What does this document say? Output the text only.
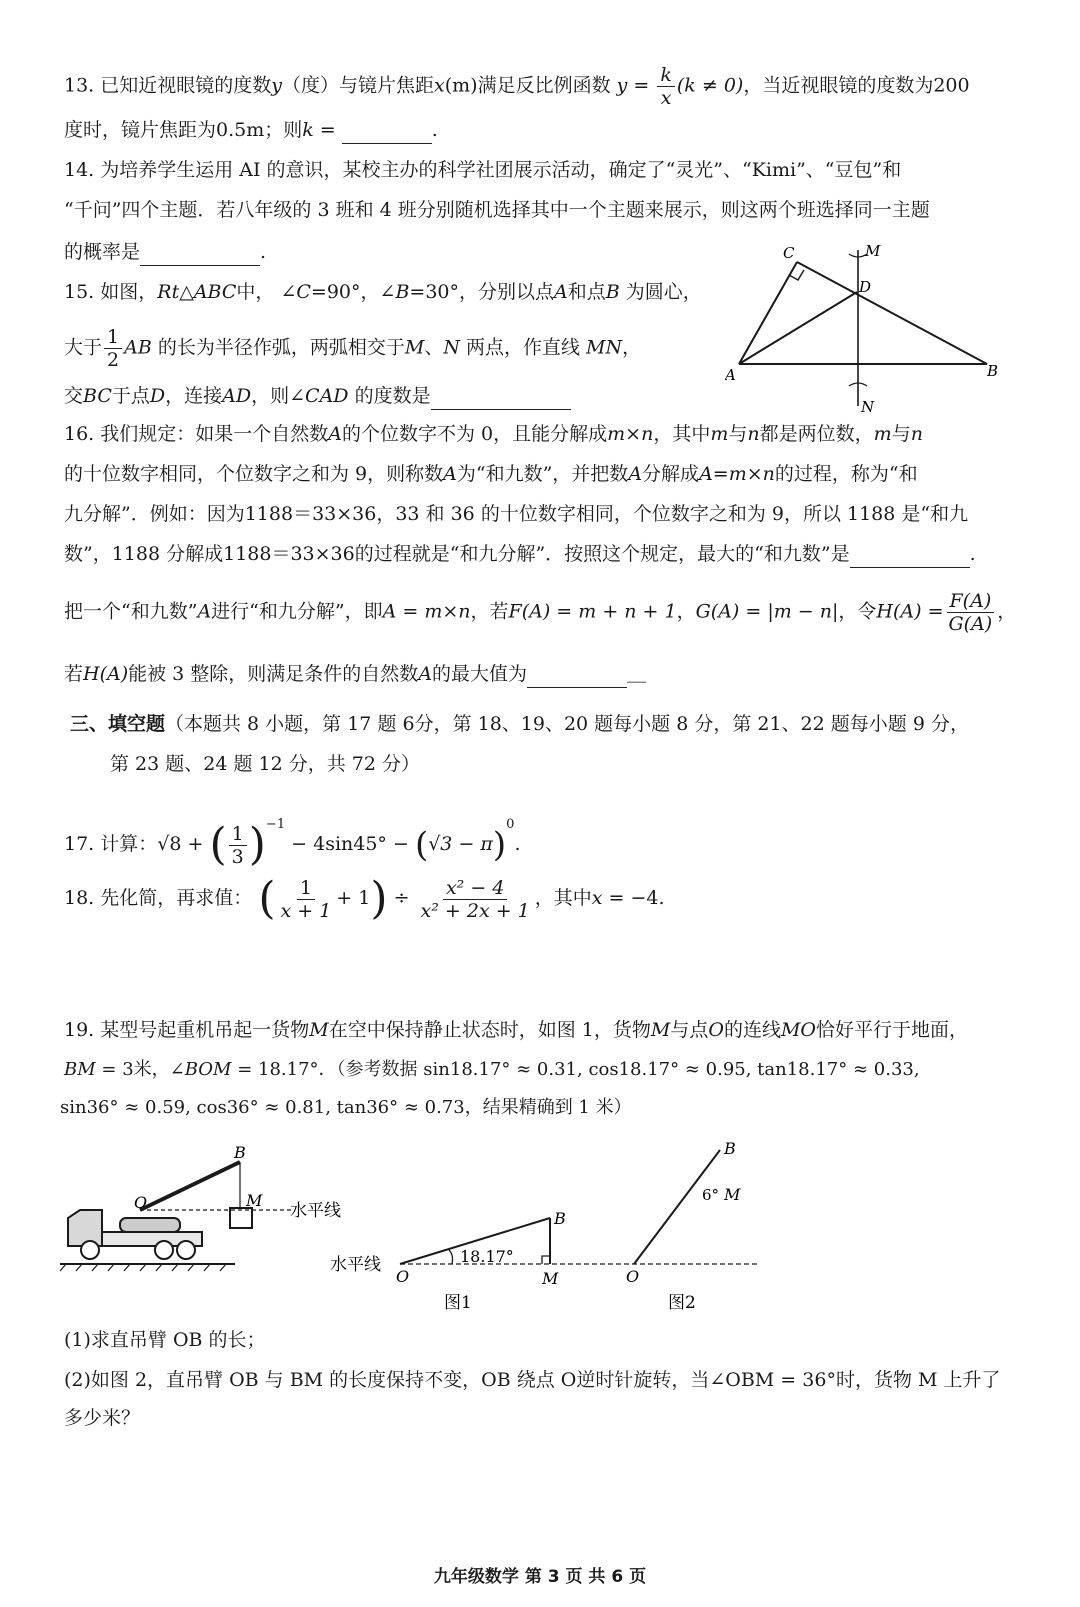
13. 已知近视眼镜的度数y（度）与镜片焦距x(m)满足反比例函数 $y = \frac{k}{x} (k \ne 0)$，当近视眼镜的度数为200
度时，镜片焦距为0.5m；则k =	.
14. 为培养学生运用 AI 的意识，某校主办的科学社团展示活动，确定了“灵光”、“Kimi”、“豆包”和
“千问”四个主题．若八年级的 3 班和 4 班分别随机选择其中一个主题来展示，则这两个班选择同一主题
的概率是	.
15. 如图，Rt△ABC中， ∠C=90°，∠B=30°，分别以点A和点B 为圆心，
大于 $\frac{1}{2}$ AB 的长为半径作弧，两弧相交于M、N 两点，作直线 MN，
交BC于点D，连接AD，则∠CAD 的度数是
C	M
D
A	B
N
16. 我们规定：如果一个自然数A的个位数字不为 0，且能分解成m×n，其中m与n都是两位数，m与n
的十位数字相同，个位数字之和为 9，则称数A为“和九数”，并把数A分解成A=m×n的过程，称为“和
九分解”．例如：因为1188＝33×36，33 和 36 的十位数字相同，个位数字之和为 9，所以 1188 是“和九
数”，1188 分解成1188＝33×36的过程就是“和九分解”．按照这个规定，最大的“和九数”是	.
把一个“和九数”A进行“和九分解”，即A = m×n，若F(A) = m + n + 1，G(A) = |m − n|，令$H(A) = \frac{F(A)}{G(A)}$ ，
若H(A)能被 3 整除，则满足条件的自然数A的最大值为	＿
三、填空题（本题共 8 小题，第 17 题 6分，第 18、19、20 题每小题 8 分，第 21、22 题每小题 9 分，
第 23 题、24 题 12 分，共 72 分）
17. 计算：√8 + ( $\frac{1}{3} )^{-1} - 4\sin 45^\circ - (√3 - \pi)^0$.
18. 先化简，再求值： ( $\frac{1}{x + 1} + 1) \div \frac{\text{x² − 4}}{\text{x² + 2x + 1}}$ ，其中x = −4.
19. 某型号起重机吊起一货物M在空中保持静止状态时，如图 1，货物M与点O的连线MO恰好平行于地面，
BM = 3米，∠BOM = 18.17°．（参考数据 sin18.17° ≈ 0.31, cos18.17° ≈ 0.95, tan18.17° ≈ 0.33,
sin36° ≈ 0.59, cos36° ≈ 0.81, tan36° ≈ 0.73，结果精确到 1 米）
O
B
M
水平线
水平线	18.17°
B
O	M
图1
B
6° M
O
图2
(1)求直吊臂 OB 的长；
(2)如图 2，直吊臂 OB 与 BM 的长度保持不变，OB 绕点 O逆时针旋转，当∠OBM = 36°时，货物 M 上升了
多少米？
九年级数学 第 3 页 共 6 页
